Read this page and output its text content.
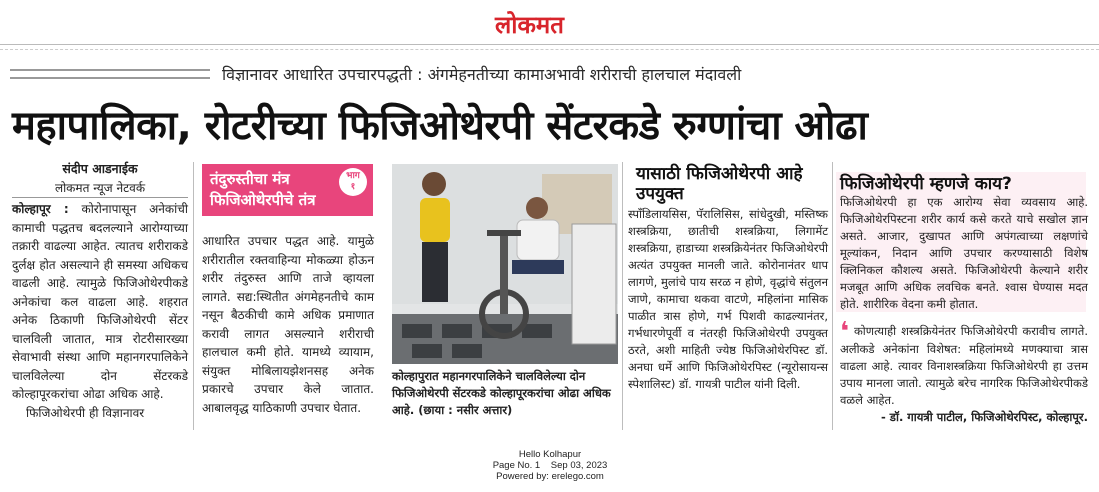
लोकमत
विज्ञानावर आधारित उपचारपद्धती : अंगमेहनतीच्या कामाअभावी शरीराची हालचाल मंदावली
महापालिका, रोटरीच्या फिजिओथेरपी सेंटरकडे रुग्णांचा ओढा
संदीप आडनाईक
लोकमत न्यूज नेटवर्क

कोल्हापूर : कोरोनापासून अनेकांची कामाची पद्धतच बदलल्याने आरोग्याच्या तक्रारी वाढल्या आहेत. त्यातच शरीराकडे दुर्लक्ष होत असल्याने ही समस्या अधिकच वाढली आहे. त्यामुळे फिजिओथेरपीकडे अनेकांचा कल वाढला आहे. शहरात अनेक ठिकाणी फिजिओथेरपी सेंटर चालविली जातात, मात्र रोटरीसारख्या सेवाभावी संस्था आणि महानगरपालिकेने चालविलेल्या दोन सेंटरकडे कोल्हापूरकरांचा ओढा अधिक आहे.

फिजिओथेरपी ही विज्ञानावर

तंदुरुस्तीचा मंत्र
फिजिओथेरपीचे तंत्र
भाग
१

आधारित उपचार पद्धत आहे. यामुळे शरीरातील रक्तवाहिन्या मोकळ्या होऊन शरीर तंदुरुस्त आणि ताजे व्हायला लागते. सद्य:स्थितीत अंगमेहनतीचे काम नसून बैठकीची कामे अधिक प्रमाणात करावी लागत असल्याने शरीराची हालचाल कमी होते. यामध्ये व्यायाम, संयुक्त मोबिलायझेशनसह अनेक प्रकारचे उपचार केले जातात. आबालवृद्ध याठिकाणी उपचार घेतात.

कोल्हापुरात महानगरपालिकेने चालविलेल्या दोन फिजिओथेरपी सेंटरकडे कोल्हापूरकरांचा ओढा अधिक आहे. (छाया : नसीर अत्तार)
यासाठी फिजिओथेरपी आहे उपयुक्त

स्पॉंडिलायसिस, पॅरालिसिस, सांधेदुखी, मस्तिष्क शस्त्रक्रिया, छातीची शस्त्रक्रिया, लिगामेंट शस्त्रक्रिया, हाडाच्या शस्त्रक्रियेनंतर फिजिओथेरपी अत्यंत उपयुक्त मानली जाते. कोरोनानंतर धाप लागणे, मुलांचे पाय सरळ न होणे, वृद्धांचे संतुलन जाणे, कामाचा थकवा वाटणे, महिलांना मासिक पाळीत त्रास होणे, गर्भ पिशवी काढल्यानंतर, गर्भधारणेपूर्वी व नंतरही फिजिओथेरपी उपयुक्त ठरते, अशी माहिती ज्येष्ठ फिजिओथेरपिस्ट डॉ. अनघा धर्मे आणि फिजिओथेरपिस्ट (न्यूरोसायन्स स्पेशालिस्ट) डॉ. गायत्री पाटील यांनी दिली.

फिजिओथेरपी म्हणजे काय?

फिजिओथेरपी हा एक आरोग्य सेवा व्यवसाय आहे. फिजिओथेरपिस्टना शरीर कार्य कसे करते याचे सखोल ज्ञान असते. आजार, दुखापत आणि अपंगत्वाच्या लक्षणांचे मूल्यांकन, निदान आणि उपचार करण्यासाठी विशेष क्लिनिकल कौशल्य असते. फिजिओथेरपी केल्याने शरीर मजबूत आणि अधिक लवचिक बनते. श्वास घेण्यास मदत होते. शारीरिक वेदना कमी होतात.

❛ कोणत्याही शस्त्रक्रियेनंतर फिजिओथेरपी करावीच लागते. अलीकडे अनेकांना विशेषत: महिलांमध्ये मणक्याचा त्रास वाढला आहे. त्यावर विनाशस्त्रक्रिया फिजिओथेरपी हा उत्तम उपाय मानला जातो. त्यामुळे बरेच नागरिक फिजिओथेरपीकडे वळले आहेत.

- डॉ. गायत्री पाटील, फिजिओथेरपिस्ट, कोल्हापूर.

Hello Kolhapur
Page No. 1    Sep 03, 2023
Powered by: erelego.com
